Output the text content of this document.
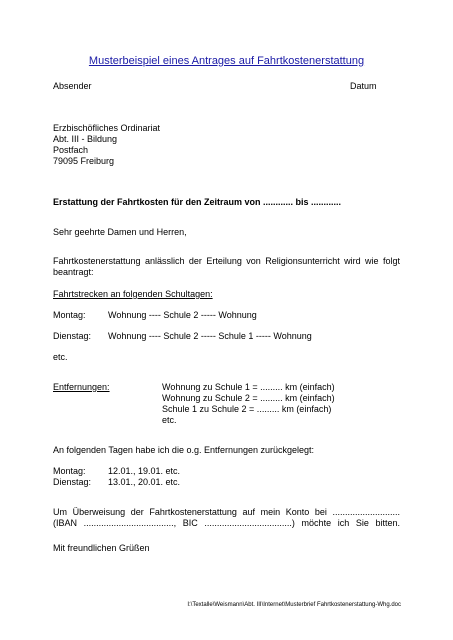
Musterbeispiel eines Antrages auf Fahrtkostenerstattung
Absender	Datum
Erzbischöfliches Ordinariat
Abt. III - Bildung
Postfach
79095 Freiburg
Erstattung der Fahrtkosten für den Zeitraum von ............ bis ............
Sehr geehrte Damen und Herren,
Fahrtkostenerstattung anlässlich der Erteilung von Religionsunterricht wird wie folgt
beantragt:
Fahrtstrecken an folgenden Schultagen:
Montag: Wohnung ---- Schule 2 ----- Wohnung
Dienstag: Wohnung ---- Schule 2 ----- Schule 1 ----- Wohnung
etc.
Entfernungen:	Wohnung zu Schule 1 = ......... km (einfach)
Wohnung zu Schule 2 = ......... km (einfach)
Schule 1 zu Schule 2 = ......... km (einfach)
etc.
An folgenden Tagen habe ich die o.g. Entfernungen zurückgelegt:
Montag: 12.01., 19.01. etc.
Dienstag: 13.01., 20.01. etc.
Um Überweisung der Fahrtkostenerstattung auf mein Konto bei ...........................
(IBAN ...................................., BIC ...................................) möchte ich Sie bitten.
Mit freundlichen Grüßen
I:\Textalle\Weismann\Abt. III\Internet\Musterbrief Fahrtkostenerstattung-Whg.doc
